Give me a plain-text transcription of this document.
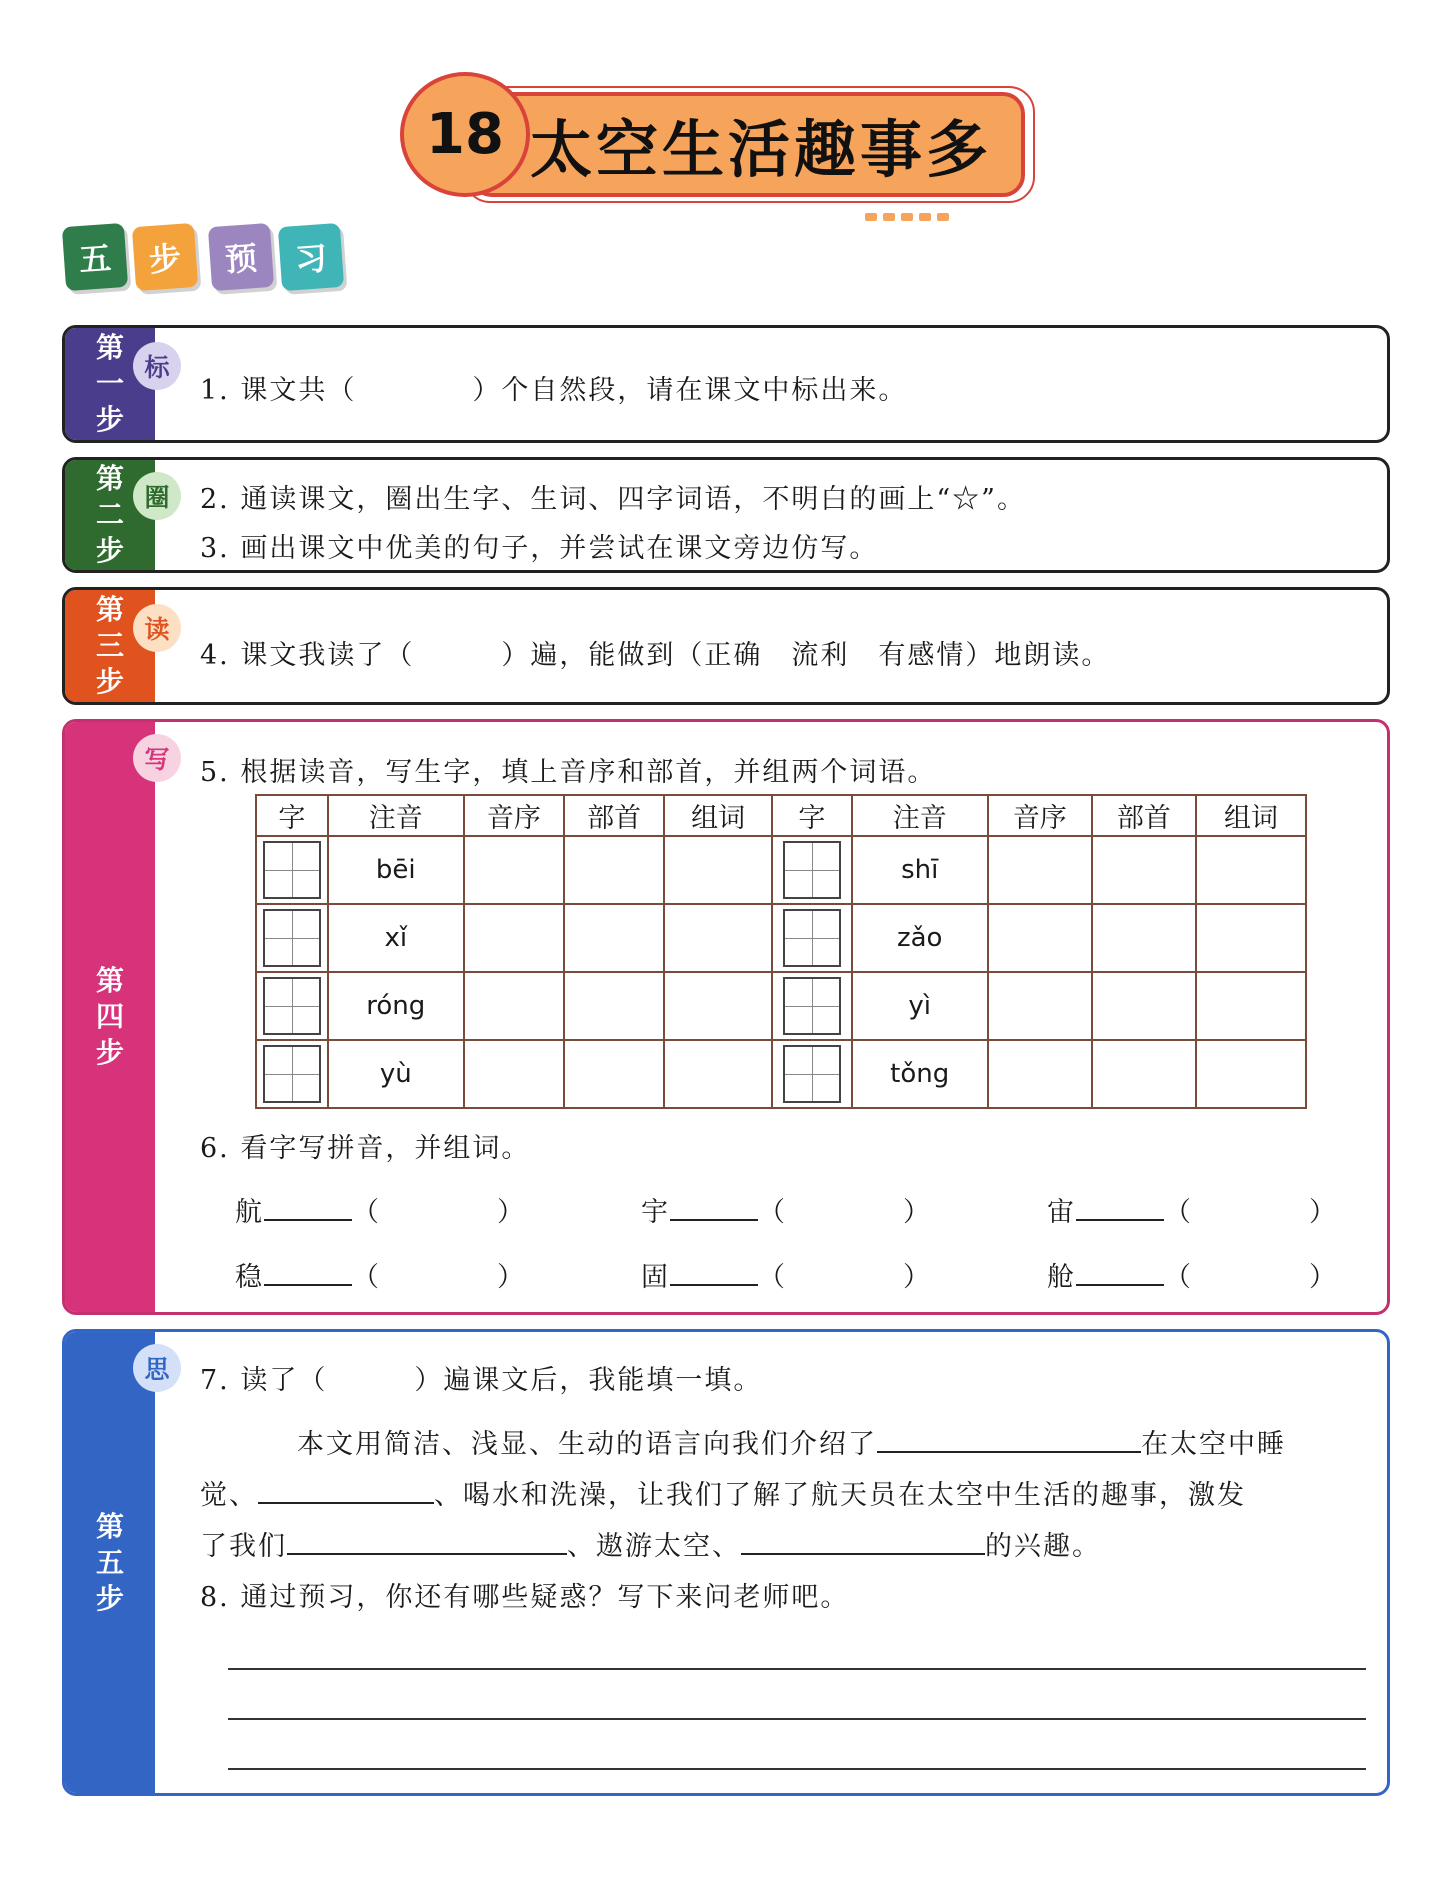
18 太空生活趣事多
五	步	预	习
第
一
步
标
1. 课文共（　　　　）个自然段，请在课文中标出来。
第
二
步
圈	2. 通读课文，圈出生字、生词、四字词语，不明白的画上“☆”。
3. 画出课文中优美的句子，并尝试在课文旁边仿写。
第
三
步
读
4. 课文我读了（　　　）遍，能做到（正确　流利　有感情）地朗读。
第
四
步
写	5. 根据读音，写生字，填上音序和部首，并组两个词语。
字	注音	音序	部首	组词	字	注音	音序	部首	组词
	bēi					shī			
	xǐ					zǎo			
	róng					yì			
	yù					tǒng			
6. 看字写拼音，并组词。
航	（　　　　）	宇	（　　　　）	宙	（　　　　）
稳	（　　　　）	固	（　　　　）	舱	（　　　　）
第
五
步
思	7. 读了（　　　）遍课文后，我能填一填。
本文用简洁、浅显、生动的语言向我们介绍了	在太空中睡
觉、	、喝水和洗澡，让我们了解了航天员在太空中生活的趣事，激发
了我们	、遨游太空、	的兴趣。
8. 通过预习，你还有哪些疑惑？写下来问老师吧。
